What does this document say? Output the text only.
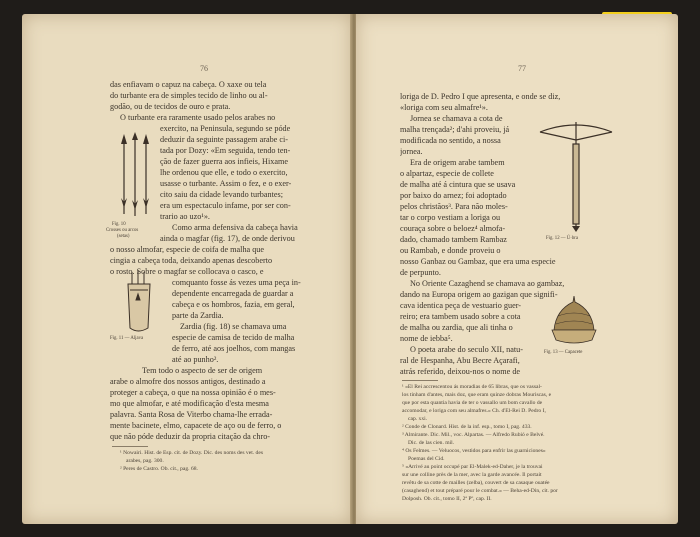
76
das enfiavam o capuz na cabeça. O xaxe ou tela
do turbante era de simples tecido de linho ou al-
godão, ou de tecidos de ouro e prata.
O turbante era raramente usado pelos arabes no
exercito, na Peninsula, segundo se póde
deduzir da seguinte passagem arabe ci-
tada por Dozy: «Em seguida, tendo ten-
ção de fazer guerra aos infieis, Hixame
lhe ordenou que elle, e todo o exercito,
usasse o turbante. Assim o fez, e o exer-
cito saiu da cidade levando turbantes;
era um espectaculo infame, por ser con-
trario ao uzo¹».
Como arma defensiva da cabeça havia
ainda o magfar (fig. 17), de onde derivou
o nosso almofar, especie de coifa de malha que
cingia a cabeça toda, deixando apenas descoberto
o rosto. Sobre o magfar se collocava o casco, e
comquanto fosse ás vezes uma peça in-
dependente encarregada de guardar a
cabeça e os hombros, fazia, em geral,
parte da Zardia.
Zardia (fig. 18) se chamava uma
especie de camisa de tecido de malha
de ferro, até aos joelhos, com mangas
até ao punho².
Tem todo o aspecto de ser de origem
arabe o almofre dos nossos antigos, destinado a
proteger a cabeça, o que na nossa opinião é o mes-
mo que almofar, e até modificação d'esta mesma
palavra. Santa Rosa de Viterbo chama-lhe errada-
mente bacinete, elmo, capacete de aço ou de ferro, o
que não póde deduzir da propria citação da chro-
Fig. 10
Crosses ou arcos
(setas)
Fig. 11 — Aljava
¹ Nowairi. Hist. de Esp. cit. de Dozy. Dic. des noms des vet. des
arabes, pag. 300.
² Peres de Castro. Ob. cit., pag. 68.
77
loriga de D. Pedro I que apresenta, e onde se diz,
«loriga com seu almafre¹».
Jornea se chamava a cota de
malha trençada²; d'ahi proveiu, já
modificada no sentido, a nossa
jornea.
Era de origem arabe tambem
o alpartaz, especie de collete
de malha até á cintura que se usava
por baixo do arnez; foi adoptado
pelos christãos³. Para não moles-
tar o corpo vestiam a loriga ou
couraça sobre o beloez⁴ almofa-
dado, chamado tambem Rambaz
ou Rambab, e donde proveiu o
nosso Ganbaz ou Gambaz, que era uma especie
de perpunto.
No Oriente Cazaghend se chamava ao gambaz,
dando na Europa origem ao gazigan que signifi-
cava identica peça de vestuario guer-
reiro; era tambem usado sobre a cota
de malha ou zardia, que ali tinha o
nome de iebba⁵.
O poeta arabe do seculo XII, natu-
ral de Hespanha, Abu Becre Açarafi,
atrás referido, deixou-nos o nome de
Fig. 12 — Ú·bra
Fig. 13 — Capacete
¹ «El Rei accrescentou ás moradias de 65 libras, que os vassal-
los tinham d'antes, mais doz, que eram quinze dobras Mouriscas, e
que por esta quantia havia de ter o vassallo um bom cavallo de
accomodar, e loriga com seu almafres.» Ch. d'El-Rei D. Pedro I,
cap. xxi.
² Conde de Clonard. Hist. de la inf. esp., tomo I, pag. 433.
³ Almirante. Dic. Mil., voc. Alpartas. — Alfredo Rubió e Belvé.
Dic. de las cien. mil.
⁴ Os Felmes. — Veluocos, vestidos para enfrir las guarniciones»
Poemas del Cid.
⁵ «Arrivé au point occupé par El-Malek-ed-Daher, je la trouvai
sur une colline près de la mer, avec la garde avancée. Il portait
revêtu de sa cotte de mailles (zelba), couvert de sa casaque ouatée
(casaghend) et tout préparé pour le combat.» — Beha-ed-Din, cit. por
Dolposh. Ob. cit., tomo II, 2ª Pº, cap. II.
